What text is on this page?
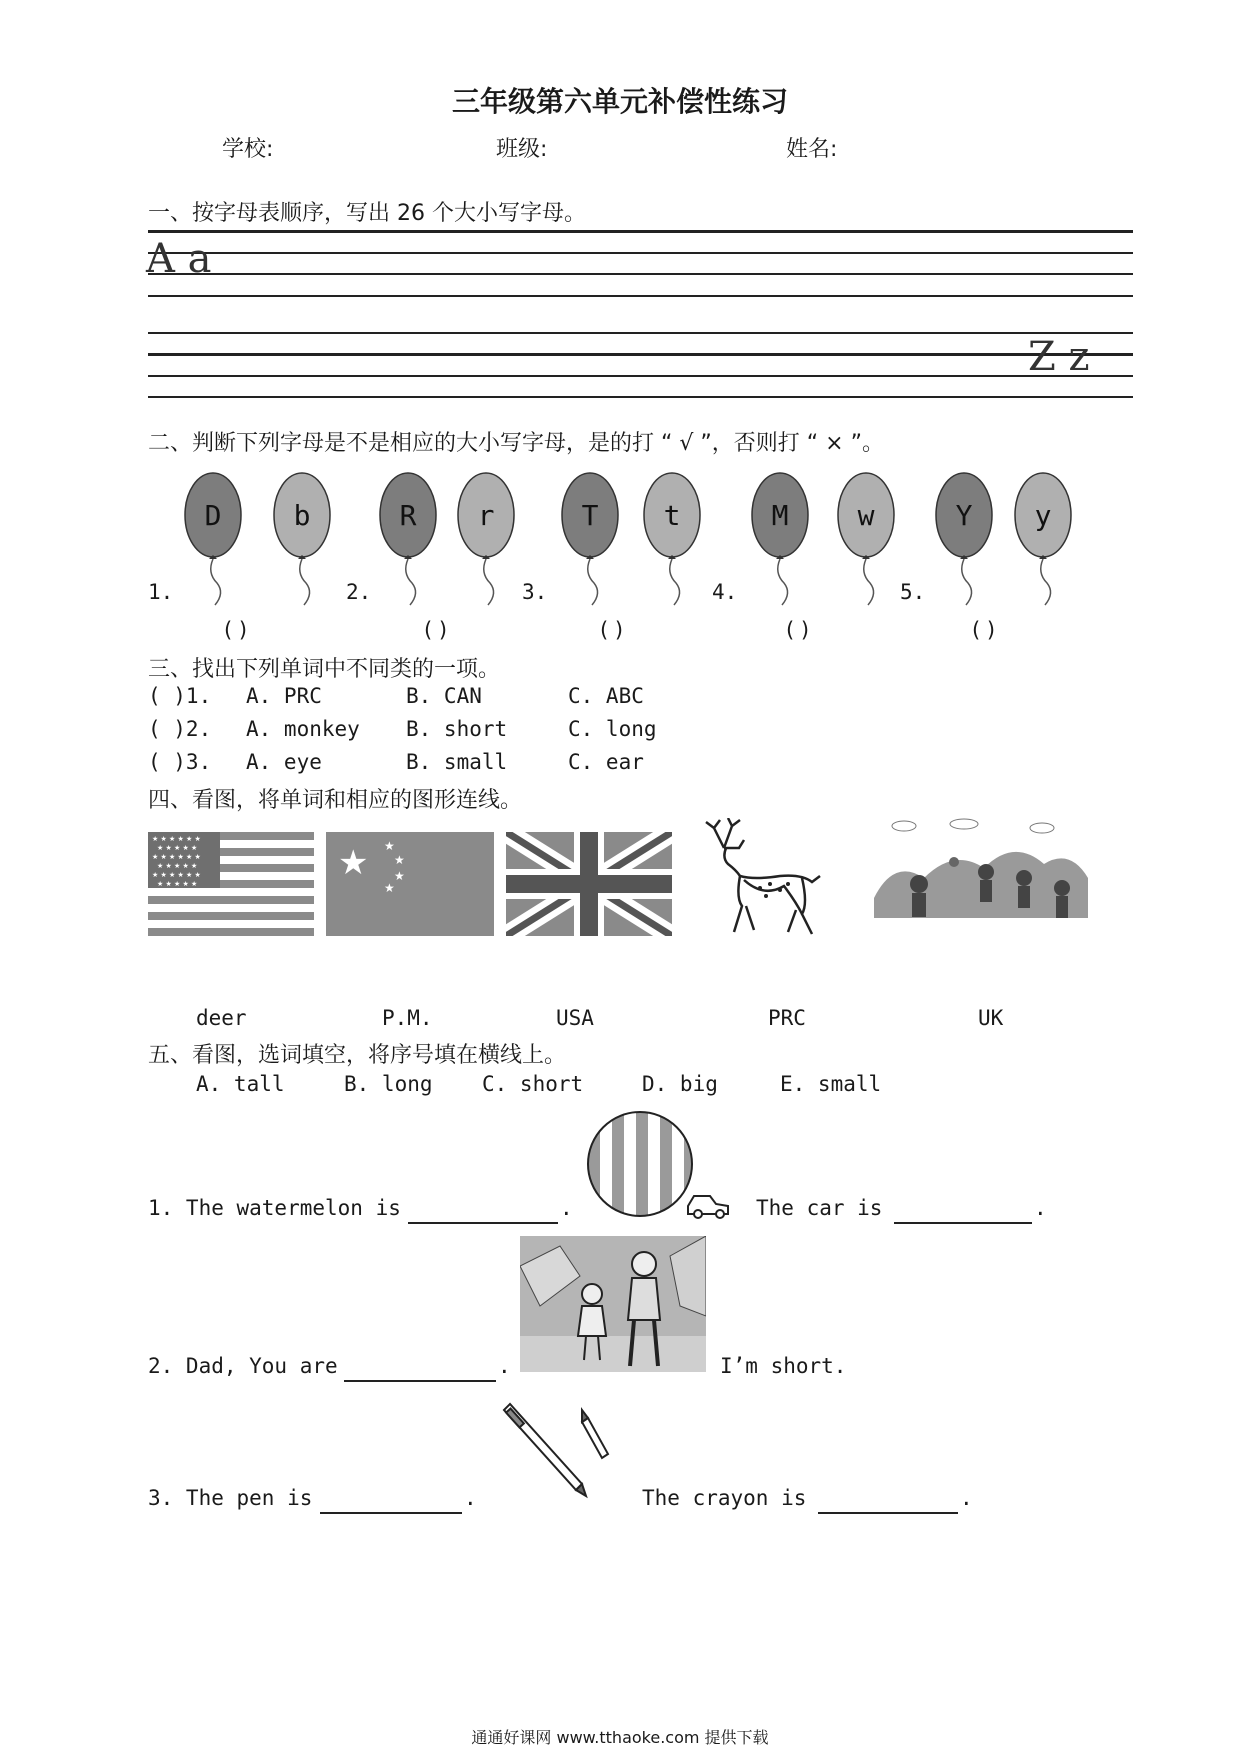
三年级第六单元补偿性练习
学校:	班级:	姓名:
一、按字母表顺序，写出 26 个大小写字母。
A a
Z z
二、判断下列字母是不是相应的大小写字母，是的打 “ √ ”，否则打 “ × ”。
D	b	R r	T t	M w	Y y
1.
( )
2.
( )
3.
( )
4.
( )
5.
( )
三、找出下列单词中不同类的一项。
( )1. A. PRC	B. CAN	C. ABC
( )2. A. monkey B. short	C. long
( )3. A. eye	B. small	C. ear
四、看图，将单词和相应的图形连线。
★ ★ ★ ★ ★ ★
★ ★ ★ ★ ★
★ ★ ★ ★ ★ ★
★ ★ ★ ★ ★
★ ★ ★ ★ ★ ★
★ ★ ★ ★ ★
★ ★
★
★
★
deer	P.M.	USA	PRC	UK
五、看图，选词填空，将序号填在横线上。
A. tall	B. long C. short	D. big	E. small
1. The watermelon is	.	The car is	.
2. Dad, You are	.	I’m short.
3. The pen is	.	The crayon is	.
通通好课网 www.tthaoke.com 提供下载
